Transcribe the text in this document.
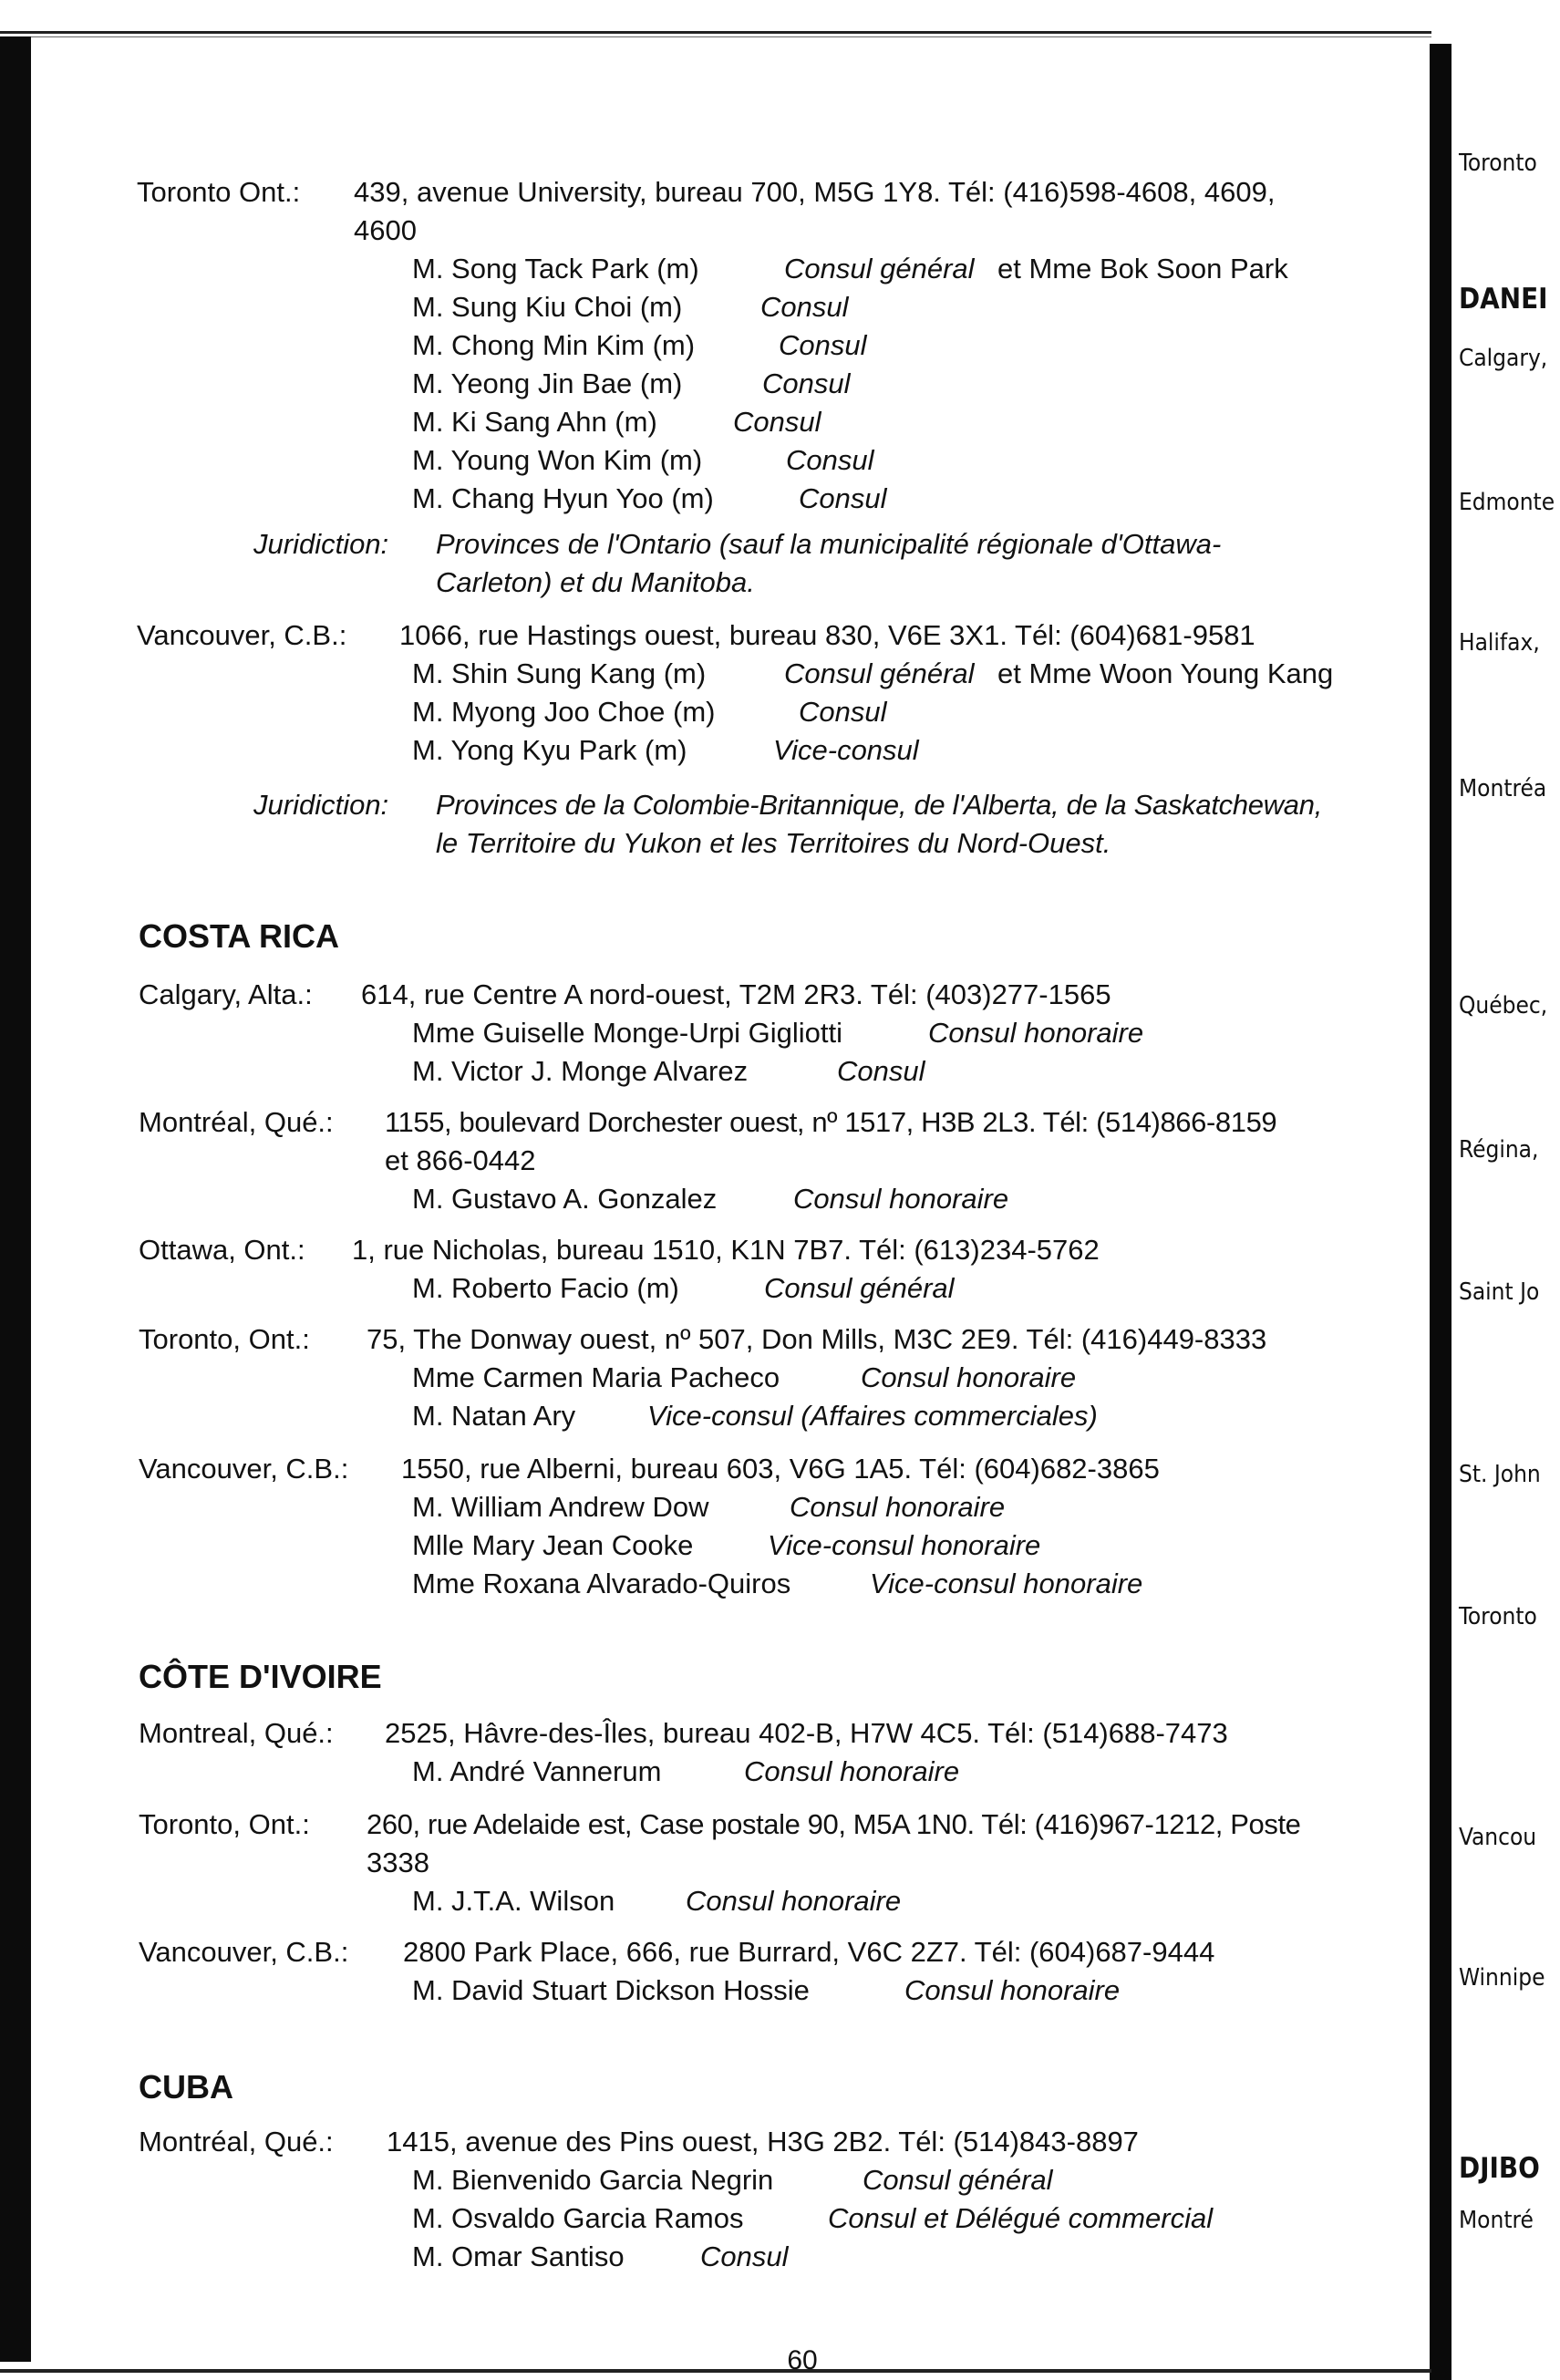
Toronto Ont.: 439, avenue University, bureau 700, M5G 1Y8. Tél: (416)598-4608, 4609,
4600
M. Song Tack Park (m)	Consul général et Mme Bok Soon Park
M. Sung Kiu Choi (m)	Consul
M. Chong Min Kim (m)	Consul
M. Yeong Jin Bae (m)	Consul
M. Ki Sang Ahn (m)	Consul
M. Young Won Kim (m)	Consul
M. Chang Hyun Yoo (m)	Consul
Juridiction: Provinces de l'Ontario (sauf la municipalité régionale d'Ottawa-
Carleton) et du Manitoba.
Vancouver, C.B.: 1066, rue Hastings ouest, bureau 830, V6E 3X1. Tél: (604)681-9581
M. Shin Sung Kang (m)	Consul général et Mme Woon Young Kang
M. Myong Joo Choe (m)	Consul
M. Yong Kyu Park (m)	Vice-consul
Juridiction: Provinces de la Colombie-Britannique, de l'Alberta, de la Saskatchewan,
le Territoire du Yukon et les Territoires du Nord-Ouest.
COSTA RICA
Calgary, Alta.: 614, rue Centre A nord-ouest, T2M 2R3. Tél: (403)277-1565
Mme Guiselle Monge-Urpi Gigliotti	Consul honoraire
M. Victor J. Monge Alvarez	Consul
Montréal, Qué.: 1155, boulevard Dorchester ouest, nº 1517, H3B 2L3. Tél: (514)866-8159
et 866-0442
M. Gustavo A. Gonzalez	Consul honoraire
Ottawa, Ont.: 1, rue Nicholas, bureau 1510, K1N 7B7. Tél: (613)234-5762
M. Roberto Facio (m)	Consul général
Toronto, Ont.: 75, The Donway ouest, nº 507, Don Mills, M3C 2E9. Tél: (416)449-8333
Mme Carmen Maria Pacheco	Consul honoraire
M. Natan Ary	Vice-consul (Affaires commerciales)
Vancouver, C.B.: 1550, rue Alberni, bureau 603, V6G 1A5. Tél: (604)682-3865
M. William Andrew Dow	Consul honoraire
Mlle Mary Jean Cooke	Vice-consul honoraire
Mme Roxana Alvarado-Quiros	Vice-consul honoraire
CÔTE D'IVOIRE
Montreal, Qué.: 2525, Hâvre-des-Îles, bureau 402-B, H7W 4C5. Tél: (514)688-7473
M. André Vannerum	Consul honoraire
Toronto, Ont.: 260, rue Adelaide est, Case postale 90, M5A 1N0. Tél: (416)967-1212, Poste
3338
M. J.T.A. Wilson	Consul honoraire
Vancouver, C.B.: 2800 Park Place, 666, rue Burrard, V6C 2Z7. Tél: (604)687-9444
M. David Stuart Dickson Hossie	Consul honoraire
CUBA
Montréal, Qué.: 1415, avenue des Pins ouest, H3G 2B2. Tél: (514)843-8897
M. Bienvenido Garcia Negrin	Consul général
M. Osvaldo Garcia Ramos	Consul et Délégué commercial
M. Omar Santiso	Consul
60
Toronto
DANEI
Calgary,
Edmonte
Halifax,
Montréa
Québec,
Régina,
Saint Jo
St. John
Toronto
Vancou
Winnipe
DJIBO
Montré
